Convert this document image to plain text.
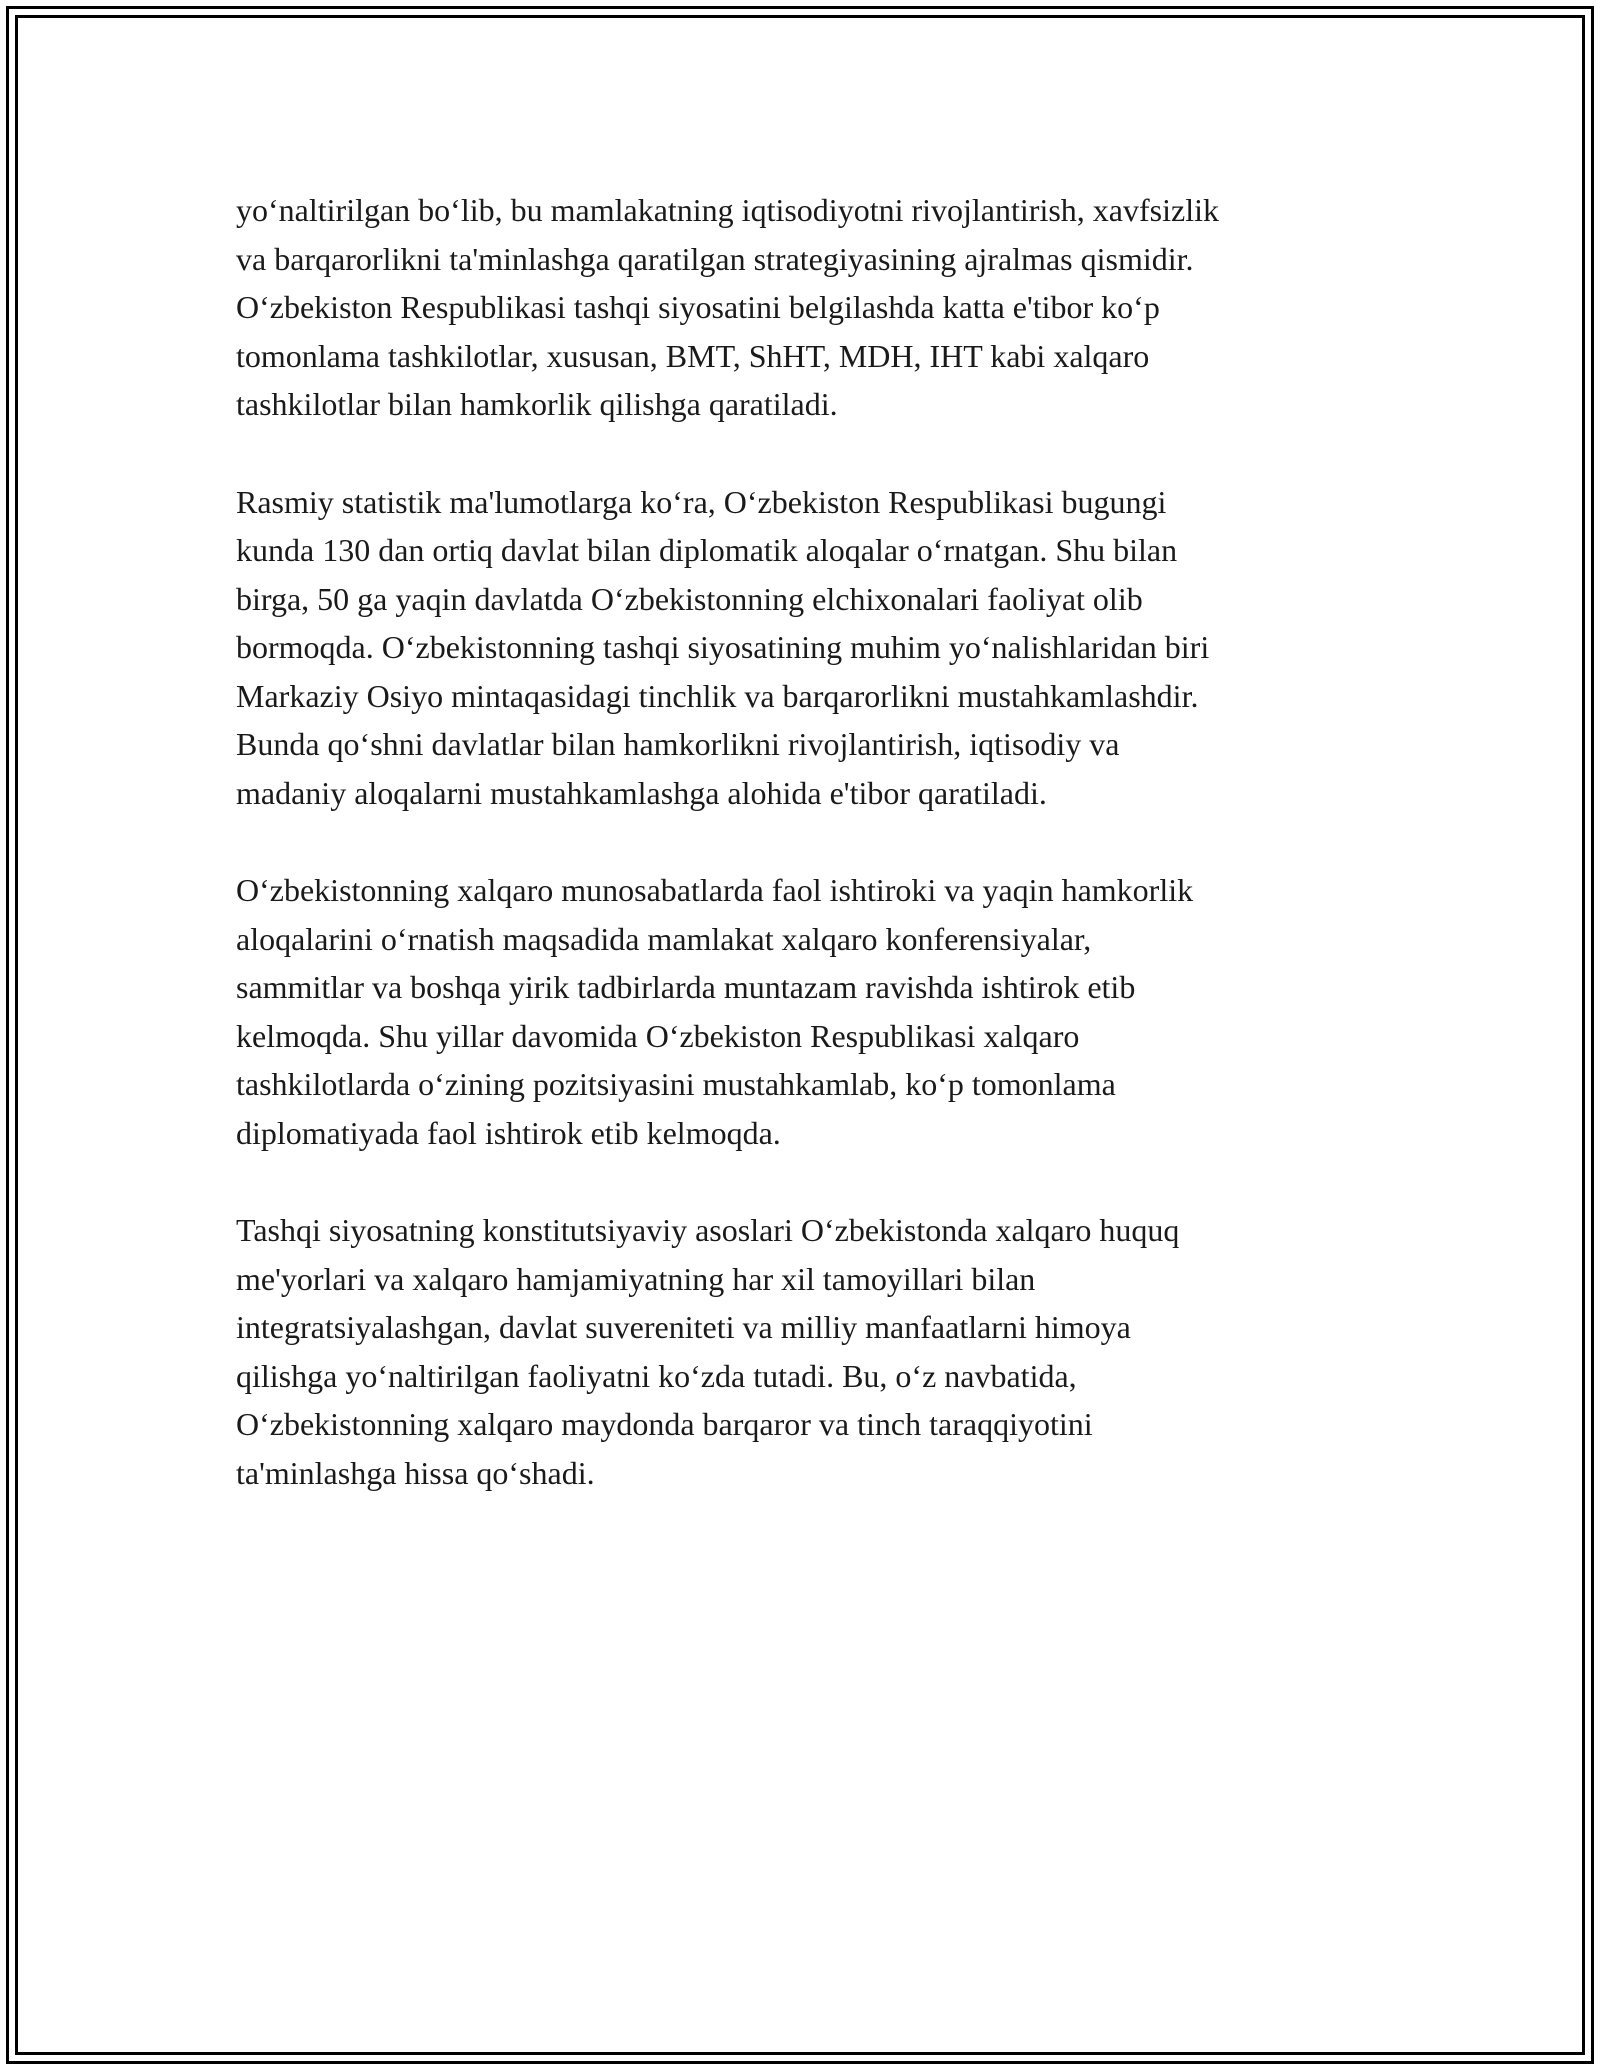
yo‘naltirilgan bo‘lib, bu mamlakatning iqtisodiyotni rivojlantirish, xavfsizlik
va barqarorlikni ta'minlashga qaratilgan strategiyasining ajralmas qismidir.
O‘zbekiston Respublikasi tashqi siyosatini belgilashda katta e'tibor ko‘p
tomonlama tashkilotlar, xususan, BMT, ShHT, MDH, IHT kabi xalqaro
tashkilotlar bilan hamkorlik qilishga qaratiladi.

Rasmiy statistik ma'lumotlarga ko‘ra, O‘zbekiston Respublikasi bugungi
kunda 130 dan ortiq davlat bilan diplomatik aloqalar o‘rnatgan. Shu bilan
birga, 50 ga yaqin davlatda O‘zbekistonning elchixonalari faoliyat olib
bormoqda. O‘zbekistonning tashqi siyosatining muhim yo‘nalishlaridan biri
Markaziy Osiyo mintaqasidagi tinchlik va barqarorlikni mustahkamlashdir.
Bunda qo‘shni davlatlar bilan hamkorlikni rivojlantirish, iqtisodiy va
madaniy aloqalarni mustahkamlashga alohida e'tibor qaratiladi.

O‘zbekistonning xalqaro munosabatlarda faol ishtiroki va yaqin hamkorlik
aloqalarini o‘rnatish maqsadida mamlakat xalqaro konferensiyalar,
sammitlar va boshqa yirik tadbirlarda muntazam ravishda ishtirok etib
kelmoqda. Shu yillar davomida O‘zbekiston Respublikasi xalqaro
tashkilotlarda o‘zining pozitsiyasini mustahkamlab, ko‘p tomonlama
diplomatiyada faol ishtirok etib kelmoqda.

Tashqi siyosatning konstitutsiyaviy asoslari O‘zbekistonda xalqaro huquq
me'yorlari va xalqaro hamjamiyatning har xil tamoyillari bilan
integratsiyalashgan, davlat suvereniteti va milliy manfaatlarni himoya
qilishga yo‘naltirilgan faoliyatni ko‘zda tutadi. Bu, o‘z navbatida,
O‘zbekistonning xalqaro maydonda barqaror va tinch taraqqiyotini
ta'minlashga hissa qo‘shadi.
